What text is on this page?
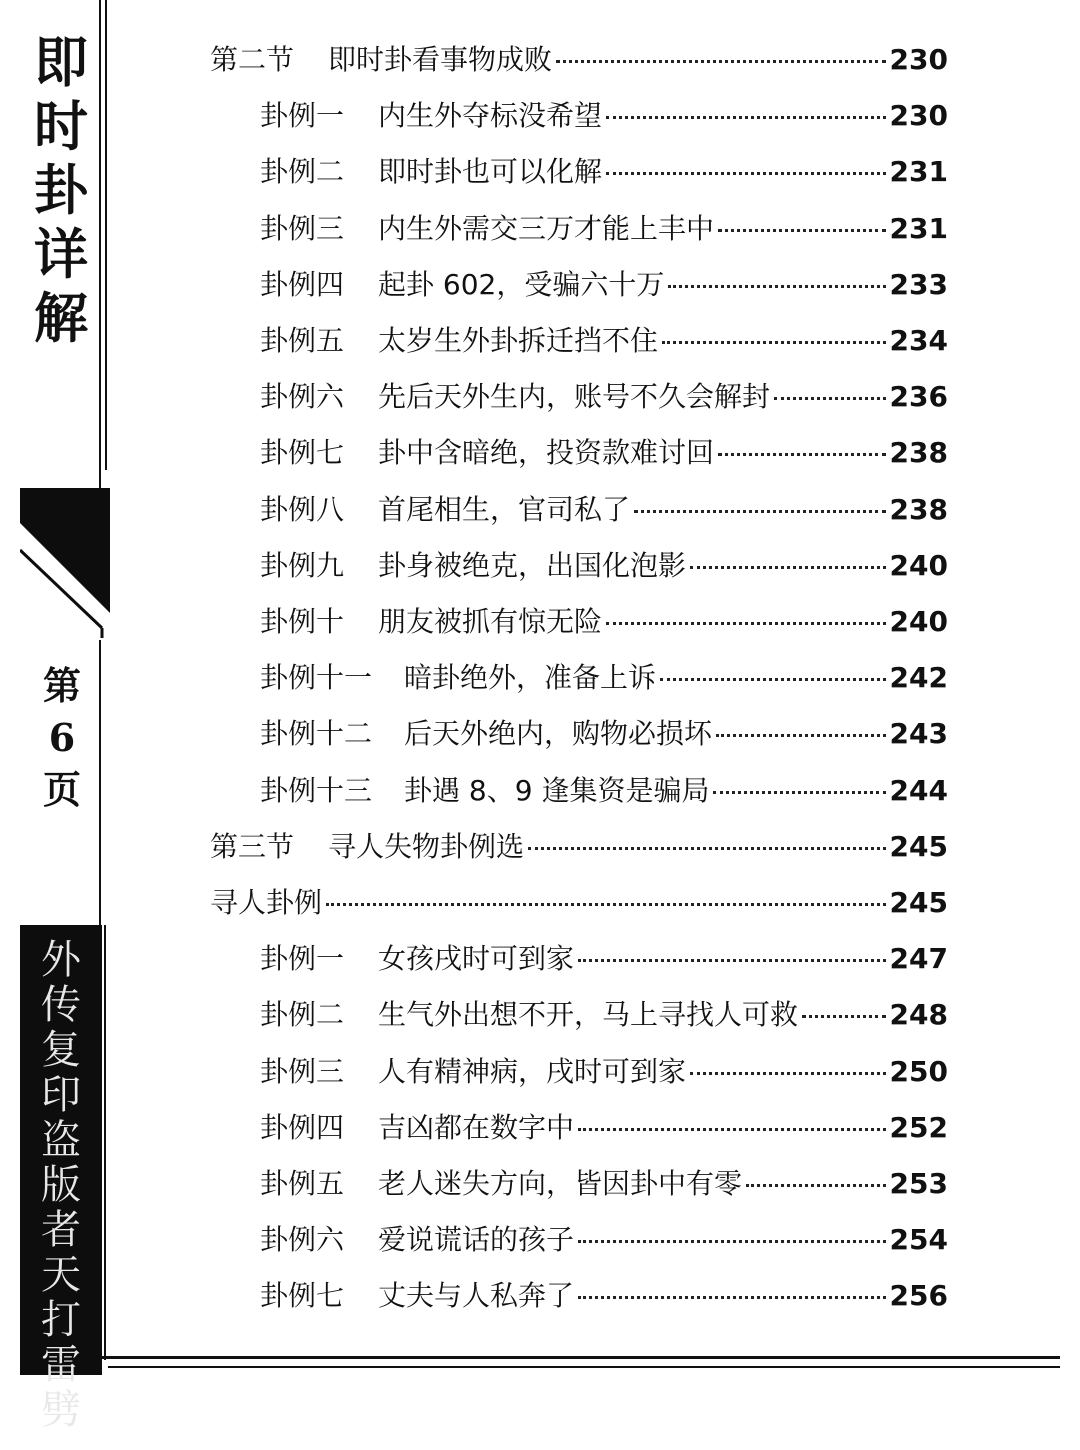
即
时
卦
详
解
第
6
页
外
传
复
印
盗
版
者
天
打
雷
劈
第二节 即时卦看事物成败	230
卦例一 内生外夺标没希望	230
卦例二 即时卦也可以化解	231
卦例三 内生外需交三万才能上丰中	231
卦例四 起卦 602，受骗六十万	233
卦例五 太岁生外卦拆迁挡不住	234
卦例六 先后天外生内，账号不久会解封	236
卦例七 卦中含暗绝，投资款难讨回	238
卦例八 首尾相生，官司私了	238
卦例九 卦身被绝克，出国化泡影	240
卦例十 朋友被抓有惊无险	240
卦例十一 暗卦绝外，准备上诉	242
卦例十二 后天外绝内，购物必损坏	243
卦例十三 卦遇 8、9 逢集资是骗局	244
第三节 寻人失物卦例选	245
寻人卦例	245
卦例一 女孩戌时可到家	247
卦例二 生气外出想不开，马上寻找人可救	248
卦例三 人有精神病，戌时可到家	250
卦例四 吉凶都在数字中	252
卦例五 老人迷失方向，皆因卦中有零	253
卦例六 爱说谎话的孩子	254
卦例七 丈夫与人私奔了	256
